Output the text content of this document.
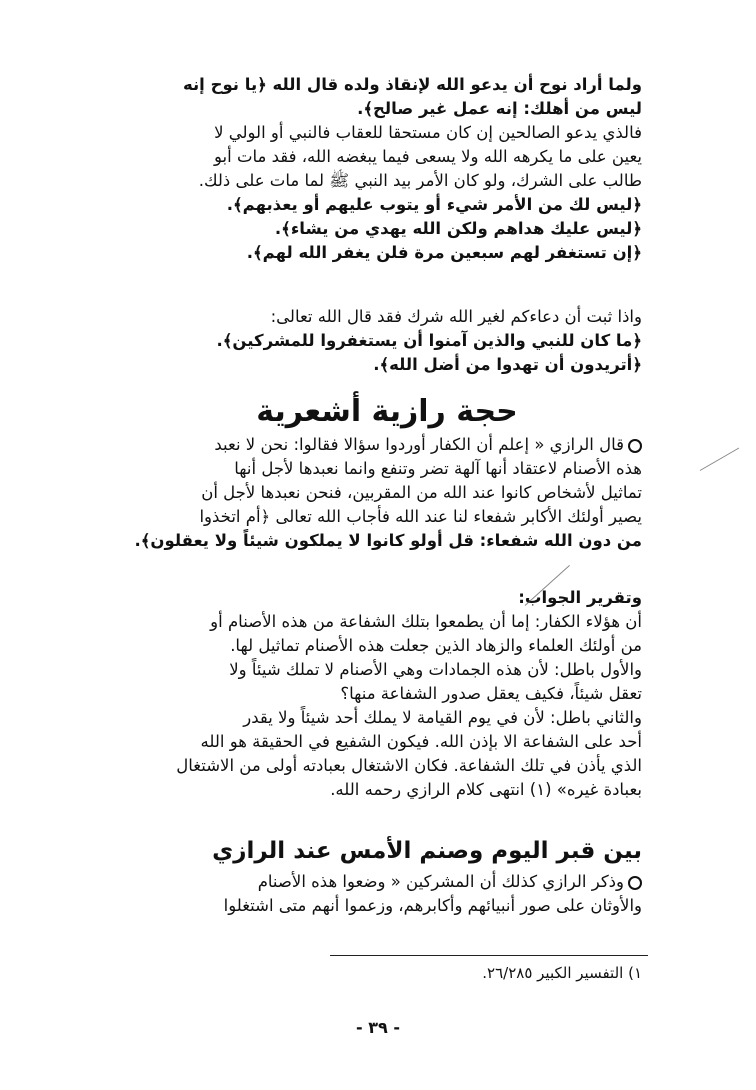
ولما أراد نوح أن يدعو الله لإنقاذ ولده قال الله ﴿يا نوح إنه
ليس من أهلك: إنه عمل غير صالح﴾.
فالذي يدعو الصالحين إن كان مستحقا للعقاب فالنبي أو الولي لا
يعين على ما يكرهه الله ولا يسعى فيما يبغضه الله، فقد مات أبو
طالب على الشرك، ولو كان الأمر بيد النبي ﷺ لما مات على ذلك.
﴿ليس لك من الأمر شيء أو يتوب عليهم أو يعذبهم﴾.
﴿ليس عليك هداهم ولكن الله يهدي من يشاء﴾.
﴿إن تستغفر لهم سبعين مرة فلن يغفر الله لهم﴾.
واذا ثبت أن دعاءكم لغير الله شرك فقد قال الله تعالى:
﴿ما كان للنبي والذين آمنوا أن يستغفروا للمشركين﴾.
﴿أتريدون أن تهدوا من أضل الله﴾.
حجة رازية أشعرية
قال الرازي « إعلم أن الكفار أوردوا سؤالا فقالوا: نحن لا نعبد
هذه الأصنام لاعتقاد أنها آلهة تضر وتنفع وانما نعبدها لأجل أنها
تماثيل لأشخاص كانوا عند الله من المقربين، فنحن نعبدها لأجل أن
يصير أولئك الأكابر شفعاء لنا عند الله فأجاب الله تعالى ﴿أم اتخذوا
من دون الله شفعاء: قل أولو كانوا لا يملكون شيئاً ولا يعقلون﴾.
وتقرير الجواب:
أن هؤلاء الكفار: إما أن يطمعوا بتلك الشفاعة من هذه الأصنام أو
من أولئك العلماء والزهاد الذين جعلت هذه الأصنام تماثيل لها.
والأول باطل: لأن هذه الجمادات وهي الأصنام لا تملك شيئاً ولا
تعقل شيئاً، فكيف يعقل صدور الشفاعة منها؟
والثاني باطل: لأن في يوم القيامة لا يملك أحد شيئاً ولا يقدر
أحد على الشفاعة الا بإذن الله. فيكون الشفيع في الحقيقة هو الله
الذي يأذن في تلك الشفاعة. فكان الاشتغال بعبادته أولى من الاشتغال
بعبادة غيره» (١) انتهى كلام الرازي رحمه الله.
بين قبر اليوم وصنم الأمس عند الرازي
وذكر الرازي كذلك أن المشركين « وضعوا هذه الأصنام
والأوثان على صور أنبيائهم وأكابرهم، وزعموا أنهم متى اشتغلوا
١) التفسير الكبير ٢٦/٢٨٥.
- ٣٩ -
